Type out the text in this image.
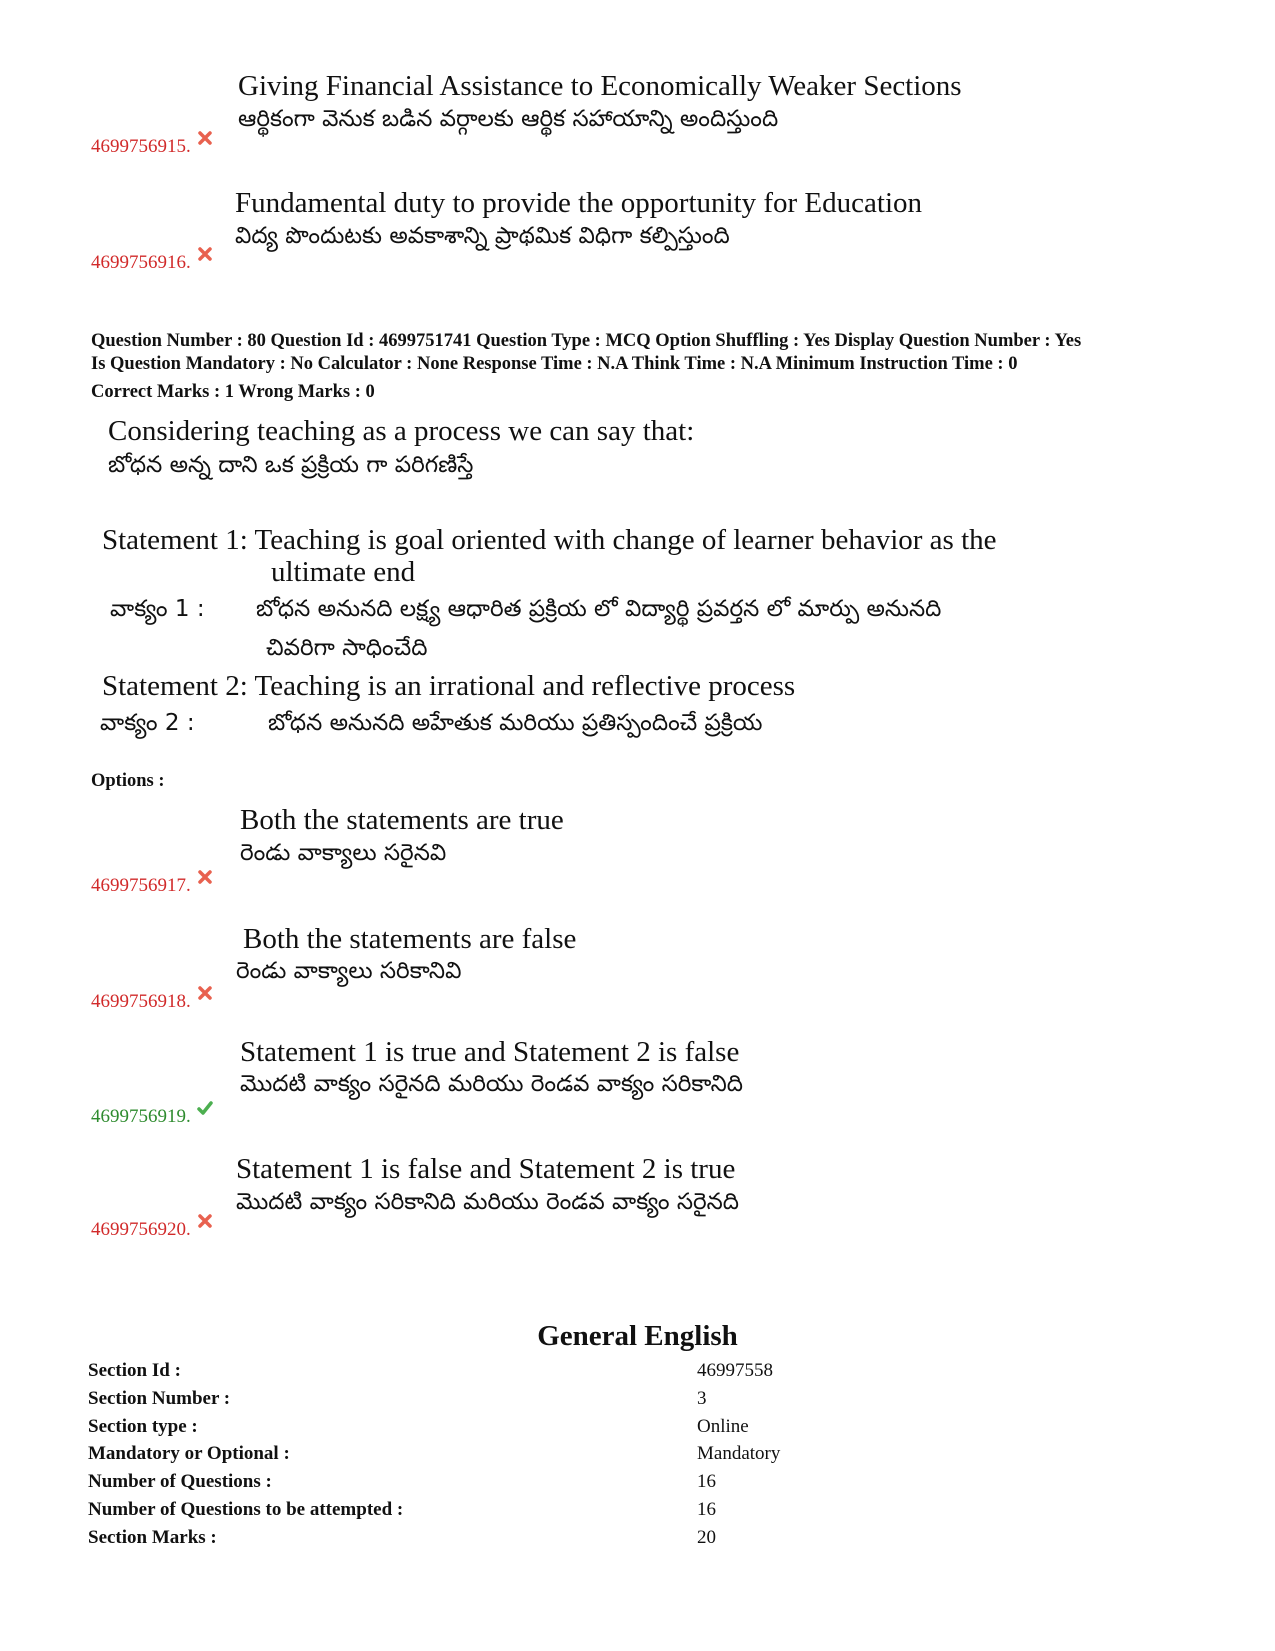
Giving Financial Assistance to Economically Weaker Sections
ఆర్థికంగా వెనుక బడిన వర్గాలకు ఆర్థిక సహాయాన్ని అందిస్తుంది
4699756915.
Fundamental duty to provide the opportunity for Education
విద్య పొందుటకు అవకాశాన్ని ప్రాథమిక విధిగా కల్పిస్తుంది
4699756916.
Question Number : 80 Question Id : 4699751741 Question Type : MCQ Option Shuffling : Yes Display Question Number : Yes
Is Question Mandatory : No Calculator : None Response Time : N.A Think Time : N.A Minimum Instruction Time : 0
Correct Marks : 1 Wrong Marks : 0
Considering teaching as a process we can say that:
బోధన అన్న దాని ఒక ప్రక్రియ గా పరిగణిస్తే
Statement 1: Teaching is goal oriented with change of learner behavior as the
ultimate end
వాక్యం 1 : బోధన అనునది లక్ష్య ఆధారిత ప్రక్రియ లో విద్యార్థి ప్రవర్తన లో మార్పు అనునది
చివరిగా సాధించేది
Statement 2: Teaching is an irrational and reflective process
వాక్యం 2 :	బోధన అనునది అహేతుక మరియు ప్రతిస్పందించే ప్రక్రియ
Options :
Both the statements are true
రెండు వాక్యాలు సరైనవి
4699756917.
Both the statements are false
రెండు వాక్యాలు సరికానివి
4699756918.
Statement 1 is true and Statement 2 is false
మొదటి వాక్యం సరైనది మరియు రెండవ వాక్యం సరికానిది
4699756919.
Statement 1 is false and Statement 2 is true
మొదటి వాక్యం సరికానిది మరియు రెండవ వాక్యం సరైనది
4699756920.
General English
Section Id :	46997558
Section Number :	3
Section type :	Online
Mandatory or Optional :	Mandatory
Number of Questions :	16
Number of Questions to be attempted :	16
Section Marks :	20
